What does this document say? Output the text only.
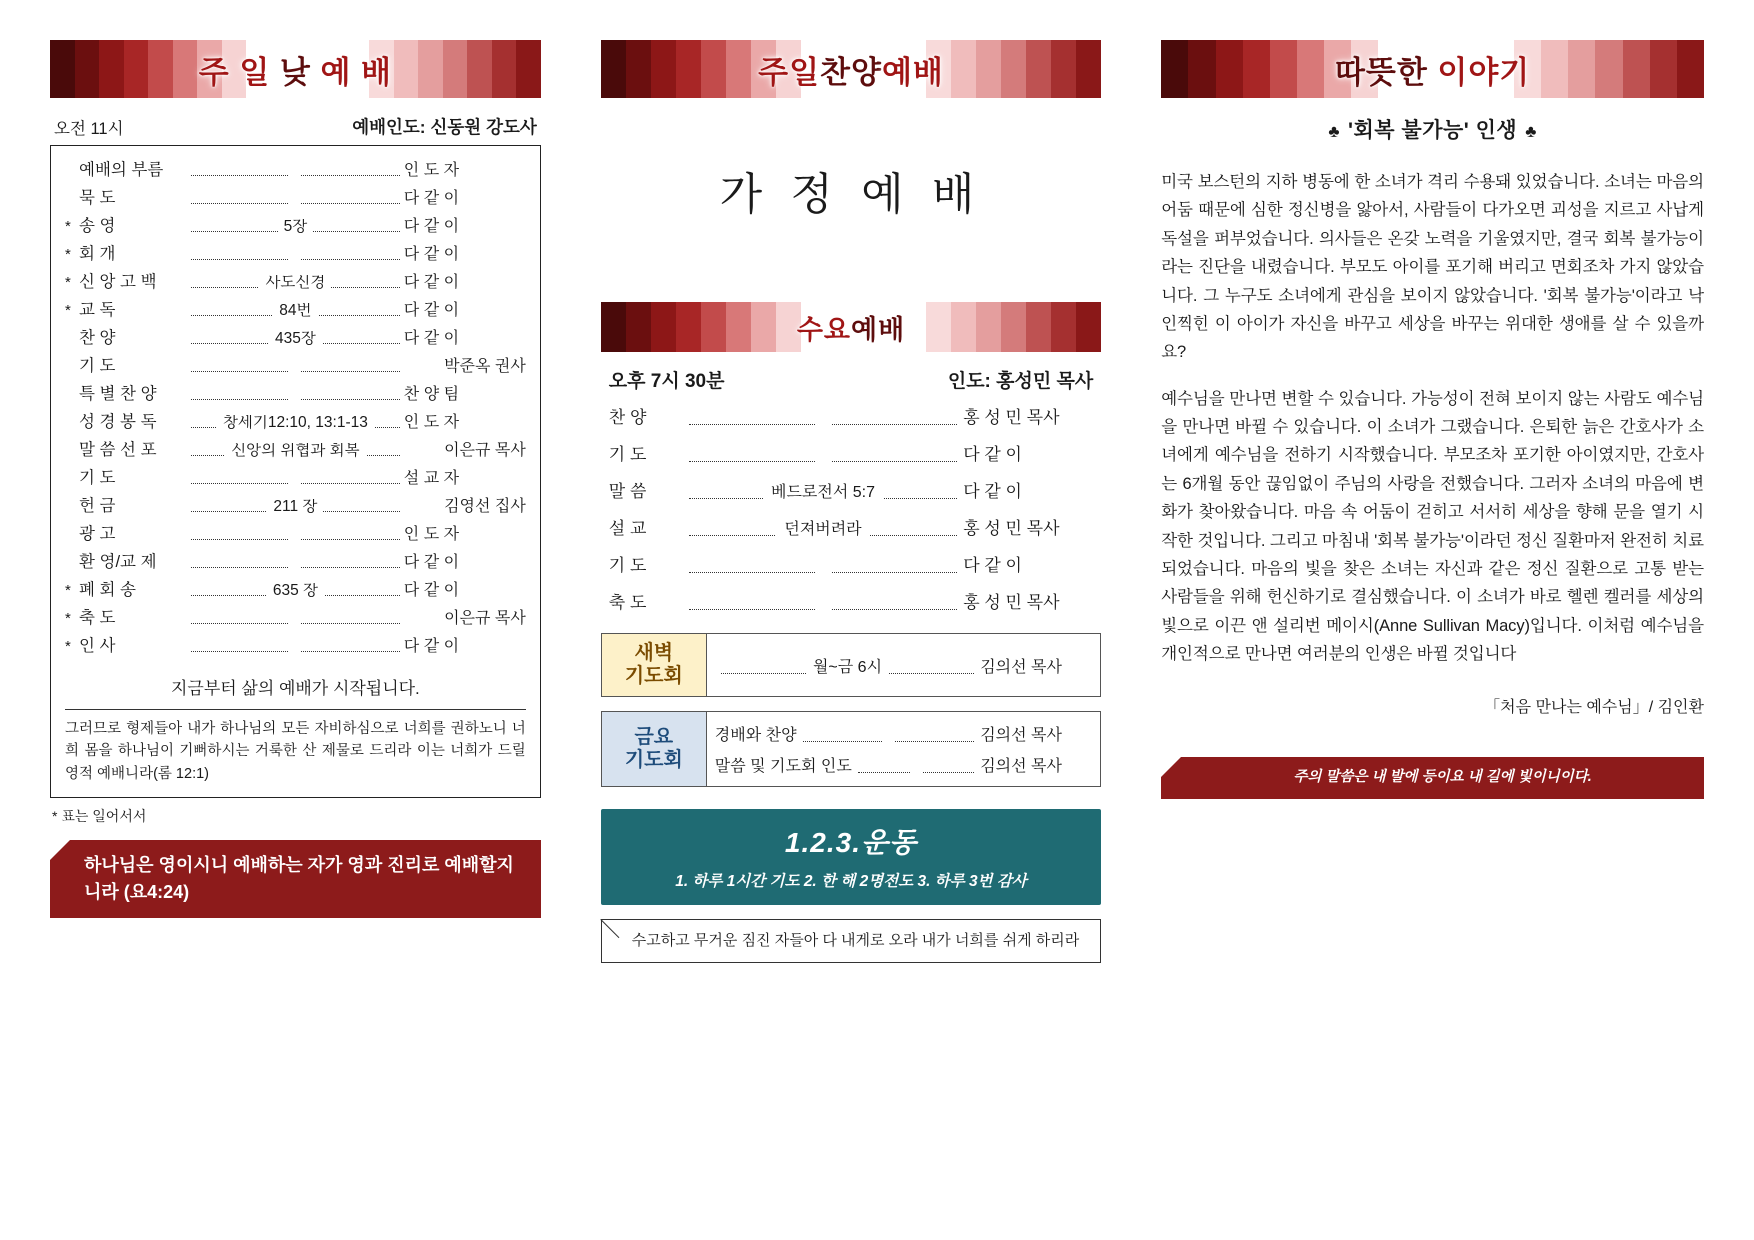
주 일 낮 예 배
오전 11시	예배인도: 신동원 강도사
예배의 부름	인 도 자
묵 도	다 같 이
* 송 영	5장	다 같 이
* 회 개	다 같 이
* 신 앙 고 백	사도신경	다 같 이
* 교 독	84번	다 같 이
찬 양	435장	다 같 이
기 도	박준옥 권사
특 별 찬 양	찬 양 팀
성 경 봉 독	창세기12:10, 13:1-13	인 도 자
말 씀 선 포	신앙의 위협과 회복	이은규 목사
기 도	설 교 자
헌 금	211 장	김영선 집사
광 고	인 도 자
환 영/교 제	다 같 이
* 폐 회 송	635 장	다 같 이
* 축 도	이은규 목사
* 인 사	다 같 이
지금부터 삶의 예배가 시작됩니다.
그러므로 형제들아 내가 하나님의 모든 자비하심으로 너희를 권하노니 너희 몸을 하나님이 기뻐하시는 거룩한 산 제물로 드리라 이는 너희가 드릴 영적 예배니라(롬 12:1)
* 표는 일어서서
하나님은 영이시니 예배하는 자가 영과 진리로 예배할지니라 (요4:24)
주일찬양예배
가 정 예 배
수요예배
오후 7시 30분	인도: 홍성민 목사
찬 양	홍 성 민 목사
기 도	다 같 이
말 씀	베드로전서 5:7	다 같 이
설 교	던져버려라	홍 성 민 목사
기 도	다 같 이
축 도	홍 성 민 목사
새벽
기도회	월~금 6시	김의선 목사
금요
기도회
경배와 찬양	김의선 목사
말씀 및 기도회 인도	김의선 목사
1.2.3.운동
1. 하루 1시간 기도 2. 한 해 2명전도 3. 하루 3번 감사
수고하고 무거운 짐진 자들아 다 내게로 오라 내가 너희를 쉬게 하리라
따뜻한 이야기
♣ '회복 불가능' 인생 ♣

미국 보스턴의 지하 병동에 한 소녀가 격리 수용돼 있었습니다. 소녀는 마음의 어둠 때문에 심한 정신병을 앓아서, 사람들이 다가오면 괴성을 지르고 사납게 독설을 퍼부었습니다. 의사들은 온갖 노력을 기울였지만, 결국 회복 불가능이라는 진단을 내렸습니다. 부모도 아이를 포기해 버리고 면회조차 가지 않았습니다. 그 누구도 소녀에게 관심을 보이지 않았습니다. '회복 불가능'이라고 낙인찍힌 이 아이가 자신을 바꾸고 세상을 바꾸는 위대한 생애를 살 수 있을까요?

예수님을 만나면 변할 수 있습니다. 가능성이 전혀 보이지 않는 사람도 예수님을 만나면 바뀔 수 있습니다. 이 소녀가 그랬습니다. 은퇴한 늙은 간호사가 소녀에게 예수님을 전하기 시작했습니다. 부모조차 포기한 아이였지만, 간호사는 6개월 동안 끊임없이 주님의 사랑을 전했습니다. 그러자 소녀의 마음에 변화가 찾아왔습니다. 마음 속 어둠이 걷히고 서서히 세상을 향해 문을 열기 시작한 것입니다. 그리고 마침내 '회복 불가능'이라던 정신 질환마저 완전히 치료되었습니다. 마음의 빛을 찾은 소녀는 자신과 같은 정신 질환으로 고통 받는 사람들을 위해 헌신하기로 결심했습니다. 이 소녀가 바로 헬렌 켈러를 세상의 빛으로 이끈 앤 설리번 메이시(Anne Sullivan Macy)입니다. 이처럼 예수님을 개인적으로 만나면 여러분의 인생은 바뀔 것입니다

「처음 만나는 예수님」/ 김인환
주의 말씀은 내 발에 등이요 내 길에 빛이니이다.
